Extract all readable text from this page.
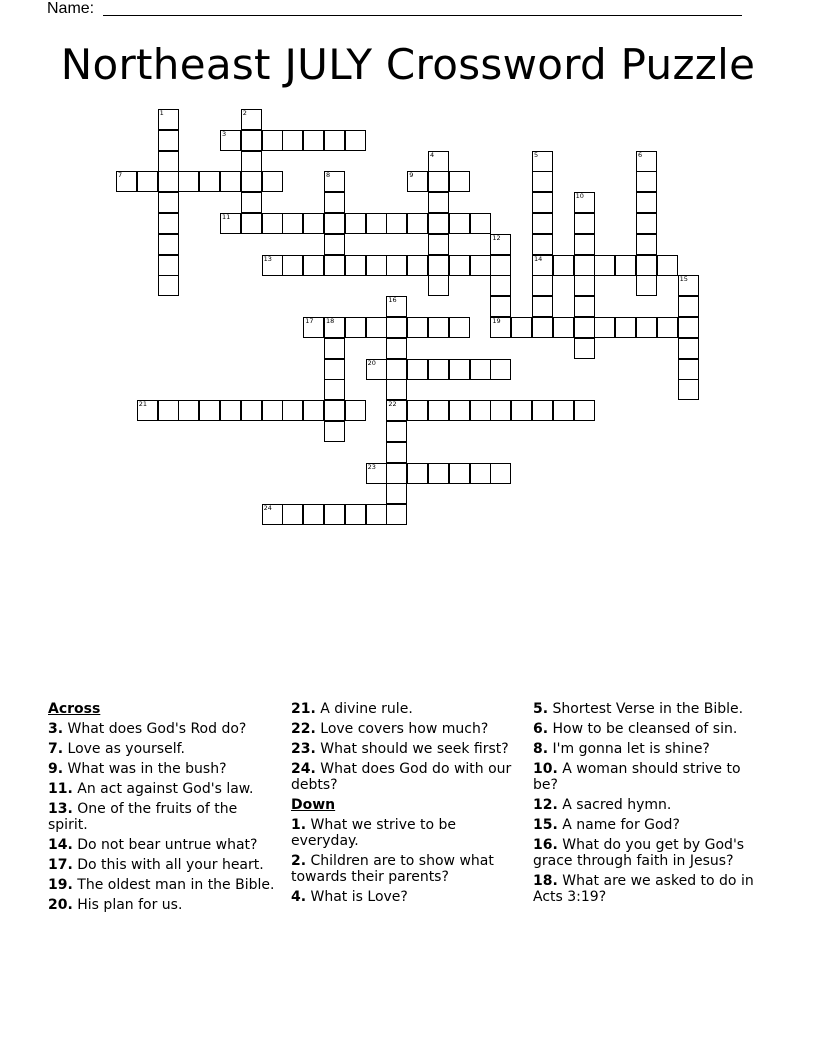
Name:
Northeast JULY Crossword Puzzle
1	2
3
4	5	6
7	8	9
10
11
12
13	14
15
16
17 18	19
20
21	22
23
24
Across
3. What does God's Rod do?
7. Love as yourself.
9. What was in the bush?
11. An act against God's law.
13. One of the fruits of the spirit.
14. Do not bear untrue what?
17. Do this with all your heart.
19. The oldest man in the Bible.
20. His plan for us.
21. A divine rule.
22. Love covers how much?
23. What should we seek first?
24. What does God do with our debts?
Down
1. What we strive to be everyday.
2. Children are to show what towards their parents?
4. What is Love?
5. Shortest Verse in the Bible.
6. How to be cleansed of sin.
8. I'm gonna let is shine?
10. A woman should strive to be?
12. A sacred hymn.
15. A name for God?
16. What do you get by God's grace through faith in Jesus?
18. What are we asked to do in Acts 3:19?
